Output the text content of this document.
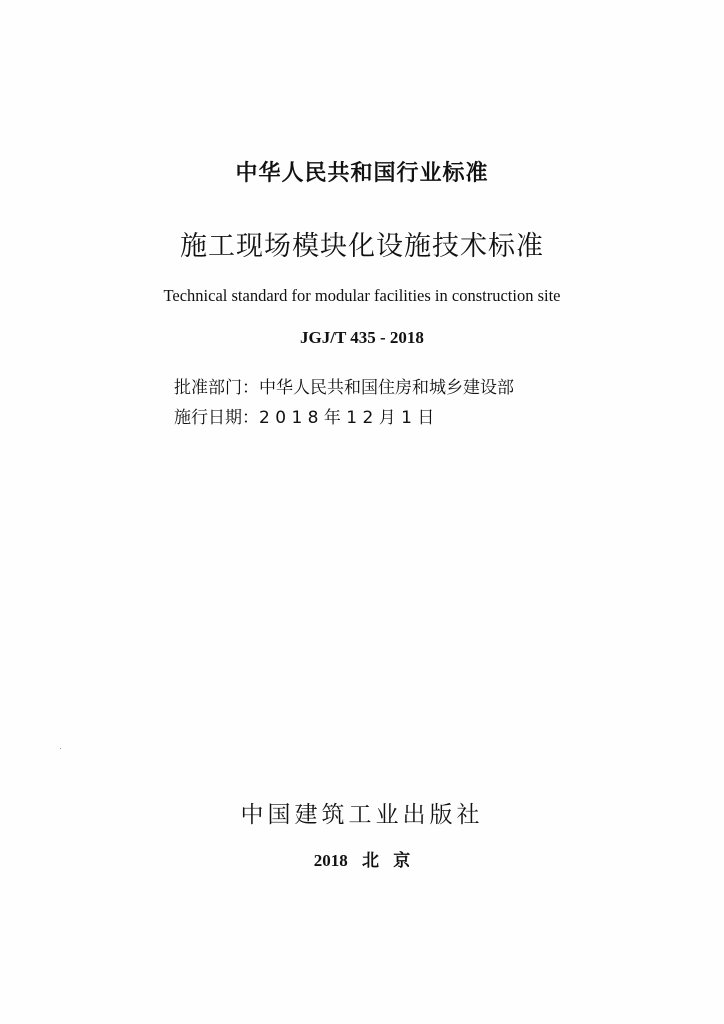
中华人民共和国行业标准
施工现场模块化设施技术标准
Technical standard for modular facilities in construction site
JGJ/T 435 - 2018
批准部门：中华人民共和国住房和城乡建设部
施行日期：2 0 1 8 年 1 2 月 1 日
中国建筑工业出版社
2018 北 京
